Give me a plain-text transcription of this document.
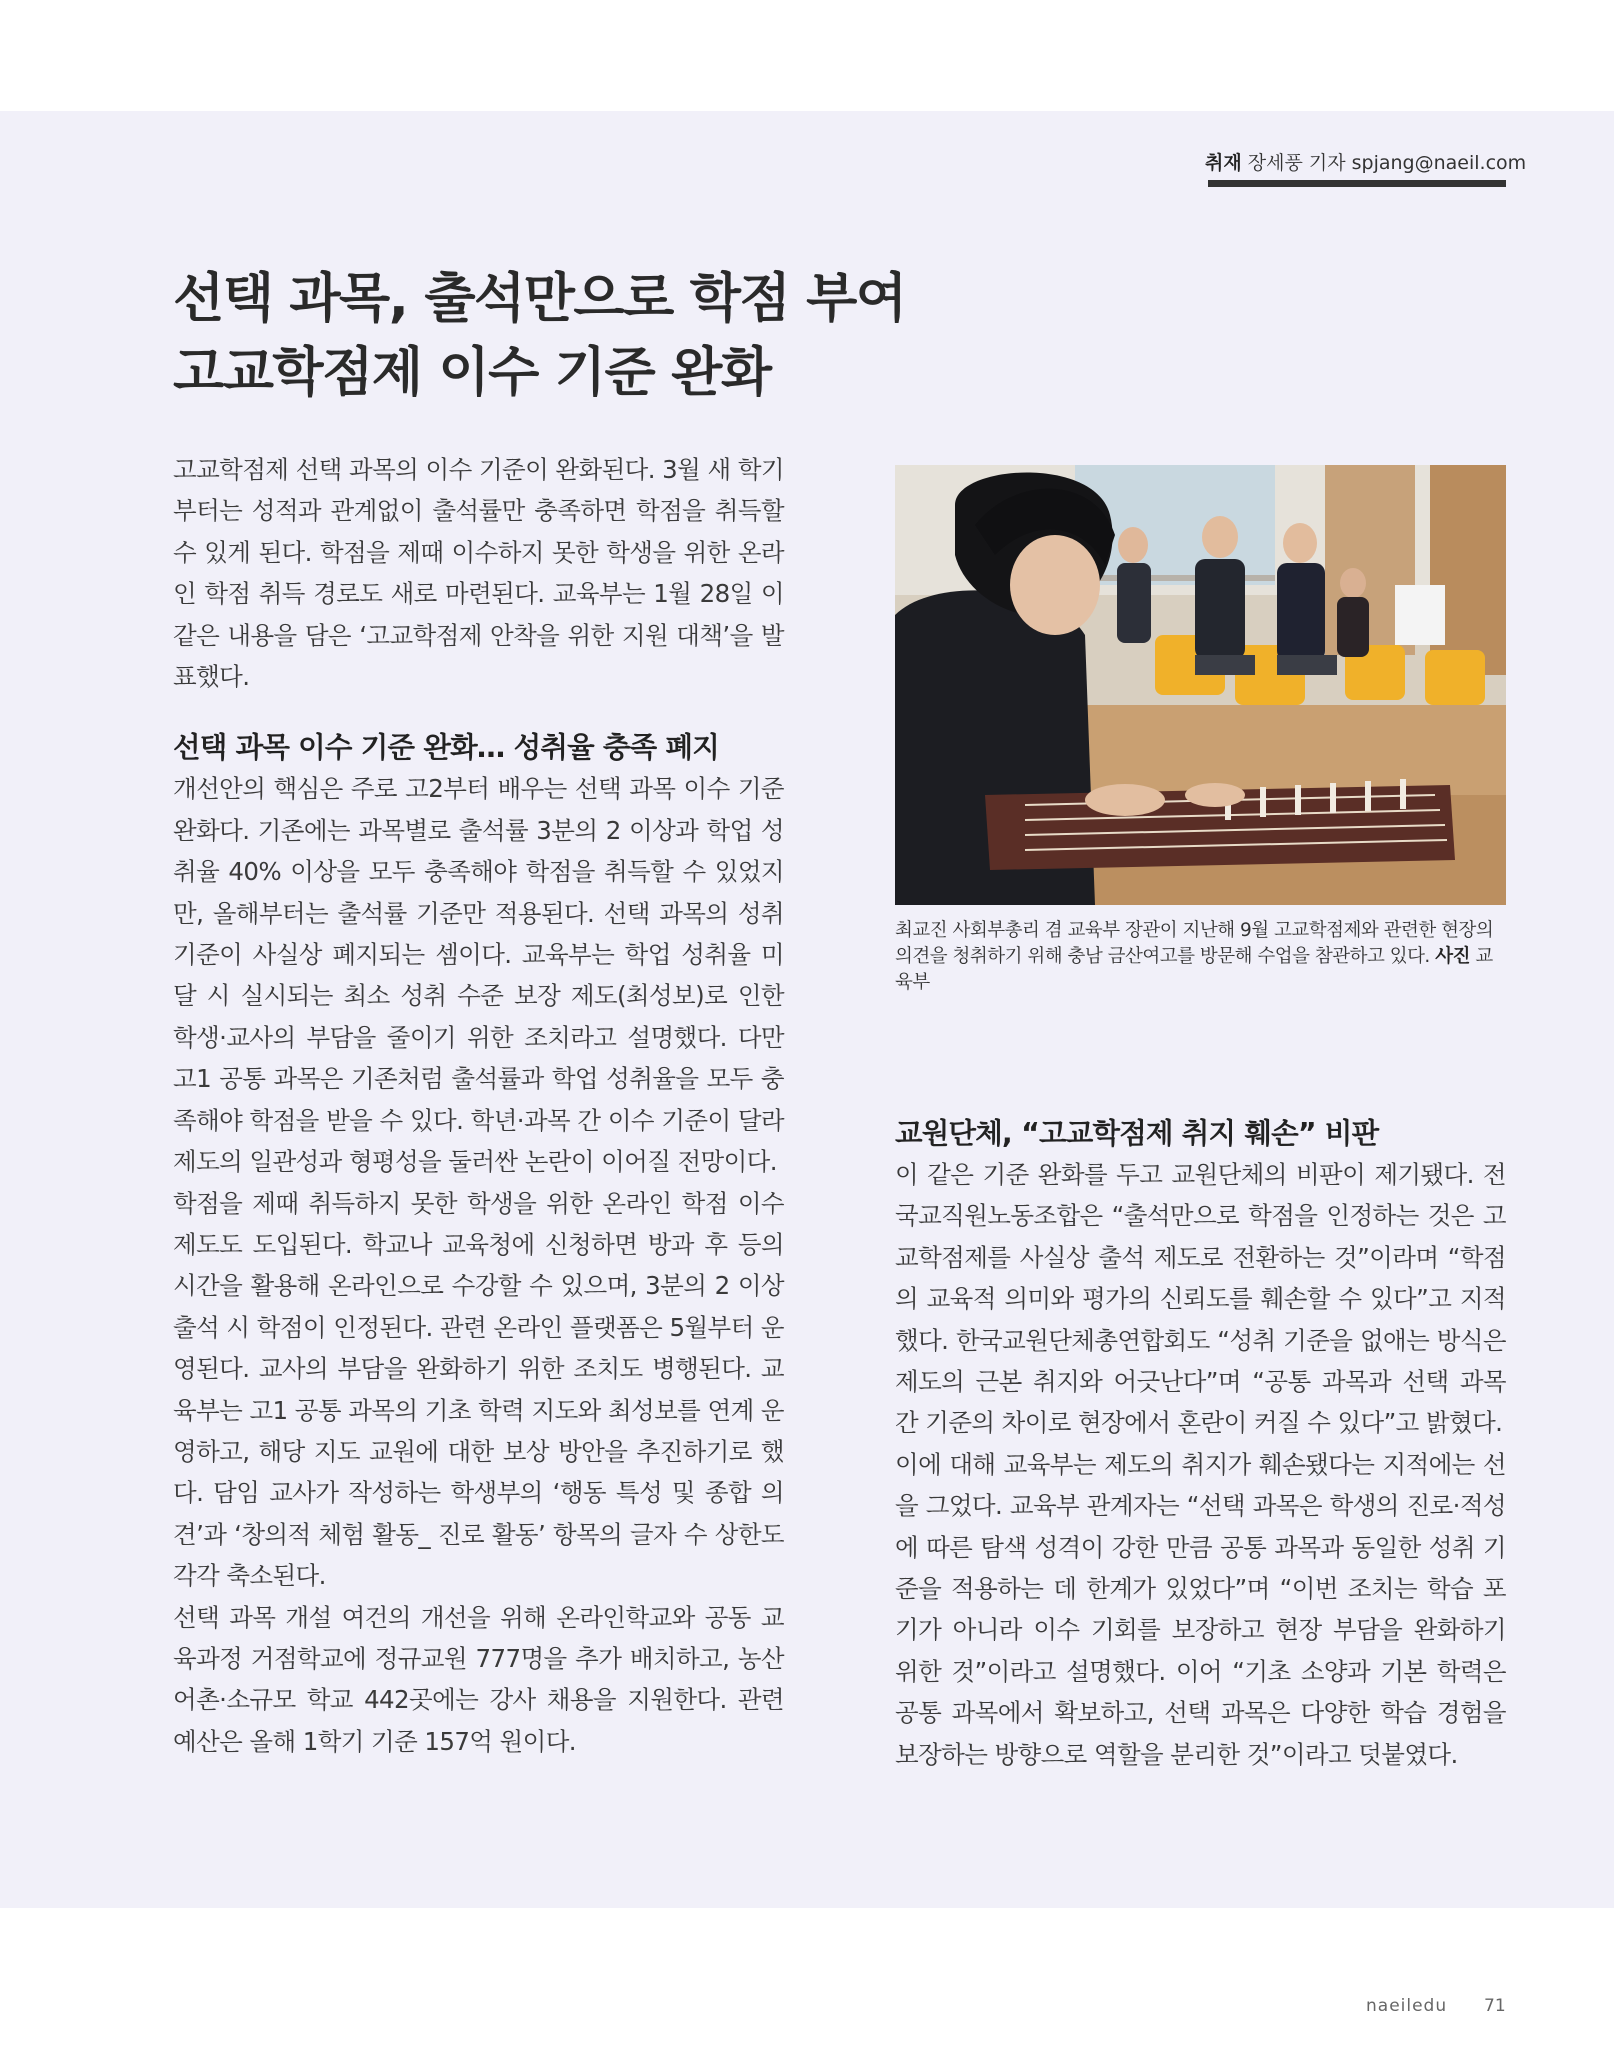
취재 장세풍 기자 spjang@naeil.com
선택 과목, 출석만으로 학점 부여
고교학점제 이수 기준 완화

고교학점제 선택 과목의 이수 기준이 완화된다. 3월 새 학기부터는 성적과 관계없이 출석률만 충족하면 학점을 취득할 수 있게 된다. 학점을 제때 이수하지 못한 학생을 위한 온라인 학점 취득 경로도 새로 마련된다. 교육부는 1월 28일 이 같은 내용을 담은 ‘고교학점제 안착을 위한 지원 대책’을 발표했다.

선택 과목 이수 기준 완화… 성취율 충족 폐지

개선안의 핵심은 주로 고2부터 배우는 선택 과목 이수 기준 완화다. 기존에는 과목별로 출석률 3분의 2 이상과 학업 성취율 40% 이상을 모두 충족해야 학점을 취득할 수 있었지만, 올해부터는 출석률 기준만 적용된다. 선택 과목의 성취 기준이 사실상 폐지되는 셈이다. 교육부는 학업 성취율 미달 시 실시되는 최소 성취 수준 보장 제도(최성보)로 인한 학생·교사의 부담을 줄이기 위한 조치라고 설명했다. 다만 고1 공통 과목은 기존처럼 출석률과 학업 성취율을 모두 충족해야 학점을 받을 수 있다. 학년·과목 간 이수 기준이 달라 제도의 일관성과 형평성을 둘러싼 논란이 이어질 전망이다.

학점을 제때 취득하지 못한 학생을 위한 온라인 학점 이수 제도도 도입된다. 학교나 교육청에 신청하면 방과 후 등의 시간을 활용해 온라인으로 수강할 수 있으며, 3분의 2 이상 출석 시 학점이 인정된다. 관련 온라인 플랫폼은 5월부터 운영된다. 교사의 부담을 완화하기 위한 조치도 병행된다. 교육부는 고1 공통 과목의 기초 학력 지도와 최성보를 연계 운영하고, 해당 지도 교원에 대한 보상 방안을 추진하기로 했다. 담임 교사가 작성하는 학생부의 ‘행동 특성 및 종합 의견’과 ‘창의적 체험 활동_ 진로 활동’ 항목의 글자 수 상한도 각각 축소된다.

선택 과목 개설 여건의 개선을 위해 온라인학교와 공동 교육과정 거점학교에 정규교원 777명을 추가 배치하고, 농산어촌·소규모 학교 442곳에는 강사 채용을 지원한다. 관련 예산은 올해 1학기 기준 157억 원이다.

최교진 사회부총리 겸 교육부 장관이 지난해 9월 고교학점제와 관련한 현장의 의견을 청취하기 위해 충남 금산여고를 방문해 수업을 참관하고 있다. 사진 교육부
교원단체, “고교학점제 취지 훼손” 비판

이 같은 기준 완화를 두고 교원단체의 비판이 제기됐다. 전국교직원노동조합은 “출석만으로 학점을 인정하는 것은 고교학점제를 사실상 출석 제도로 전환하는 것”이라며 “학점의 교육적 의미와 평가의 신뢰도를 훼손할 수 있다”고 지적했다. 한국교원단체총연합회도 “성취 기준을 없애는 방식은 제도의 근본 취지와 어긋난다”며 “공통 과목과 선택 과목 간 기준의 차이로 현장에서 혼란이 커질 수 있다”고 밝혔다.

이에 대해 교육부는 제도의 취지가 훼손됐다는 지적에는 선을 그었다. 교육부 관계자는 “선택 과목은 학생의 진로·적성에 따른 탐색 성격이 강한 만큼 공통 과목과 동일한 성취 기준을 적용하는 데 한계가 있었다”며 “이번 조치는 학습 포기가 아니라 이수 기회를 보장하고 현장 부담을 완화하기 위한 것”이라고 설명했다. 이어 “기초 소양과 기본 학력은 공통 과목에서 확보하고, 선택 과목은 다양한 학습 경험을 보장하는 방향으로 역할을 분리한 것”이라고 덧붙였다.

naeiledu 71
